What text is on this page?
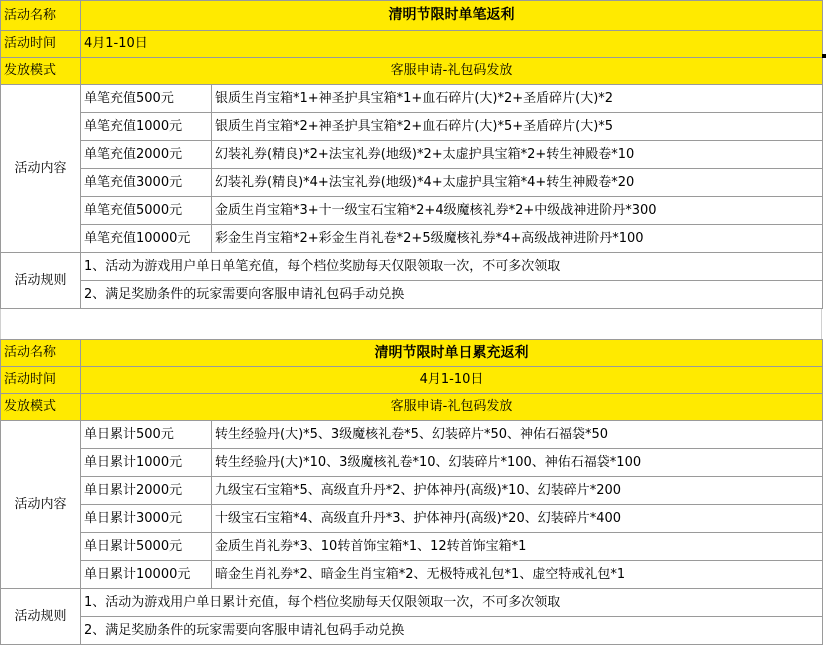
活动名称	清明节限时单笔返利	
活动时间	4月1-10日	
发放模式	客服申请-礼包码发放	
活动内容	单笔充值500元	银质生肖宝箱*1+神圣护具宝箱*1+血石碎片(大)*2+圣盾碎片(大)*2
	单笔充值1000元	银质生肖宝箱*2+神圣护具宝箱*2+血石碎片(大)*5+圣盾碎片(大)*5
	单笔充值2000元	幻装礼券(精良)*2+法宝礼券(地级)*2+太虚护具宝箱*2+转生神殿卷*10
	单笔充值3000元	幻装礼券(精良)*4+法宝礼券(地级)*4+太虚护具宝箱*4+转生神殿卷*20
	单笔充值5000元	金质生肖宝箱*3+十一级宝石宝箱*2+4级魔核礼券*2+中级战神进阶丹*300
	单笔充值10000元	彩金生肖宝箱*2+彩金生肖礼卷*2+5级魔核礼券*4+高级战神进阶丹*100
活动规则	1、活动为游戏用户单日单笔充值，每个档位奖励每天仅限领取一次，不可多次领取	
	2、满足奖励条件的玩家需要向客服申请礼包码手动兑换	
活动名称	清明节限时单日累充返利	
活动时间	4月1-10日	
发放模式	客服申请-礼包码发放	
活动内容	单日累计500元	转生经验丹(大)*5、3级魔核礼卷*5、幻装碎片*50、神佑石福袋*50
	单日累计1000元	转生经验丹(大)*10、3级魔核礼卷*10、幻装碎片*100、神佑石福袋*100
	单日累计2000元	九级宝石宝箱*5、高级直升丹*2、护体神丹(高级)*10、幻装碎片*200
	单日累计3000元	十级宝石宝箱*4、高级直升丹*3、护体神丹(高级)*20、幻装碎片*400
	单日累计5000元	金质生肖礼券*3、10转首饰宝箱*1、12转首饰宝箱*1
	单日累计10000元	暗金生肖礼券*2、暗金生肖宝箱*2、无极特戒礼包*1、虚空特戒礼包*1
活动规则	1、活动为游戏用户单日累计充值，每个档位奖励每天仅限领取一次，不可多次领取	
	2、满足奖励条件的玩家需要向客服申请礼包码手动兑换	
